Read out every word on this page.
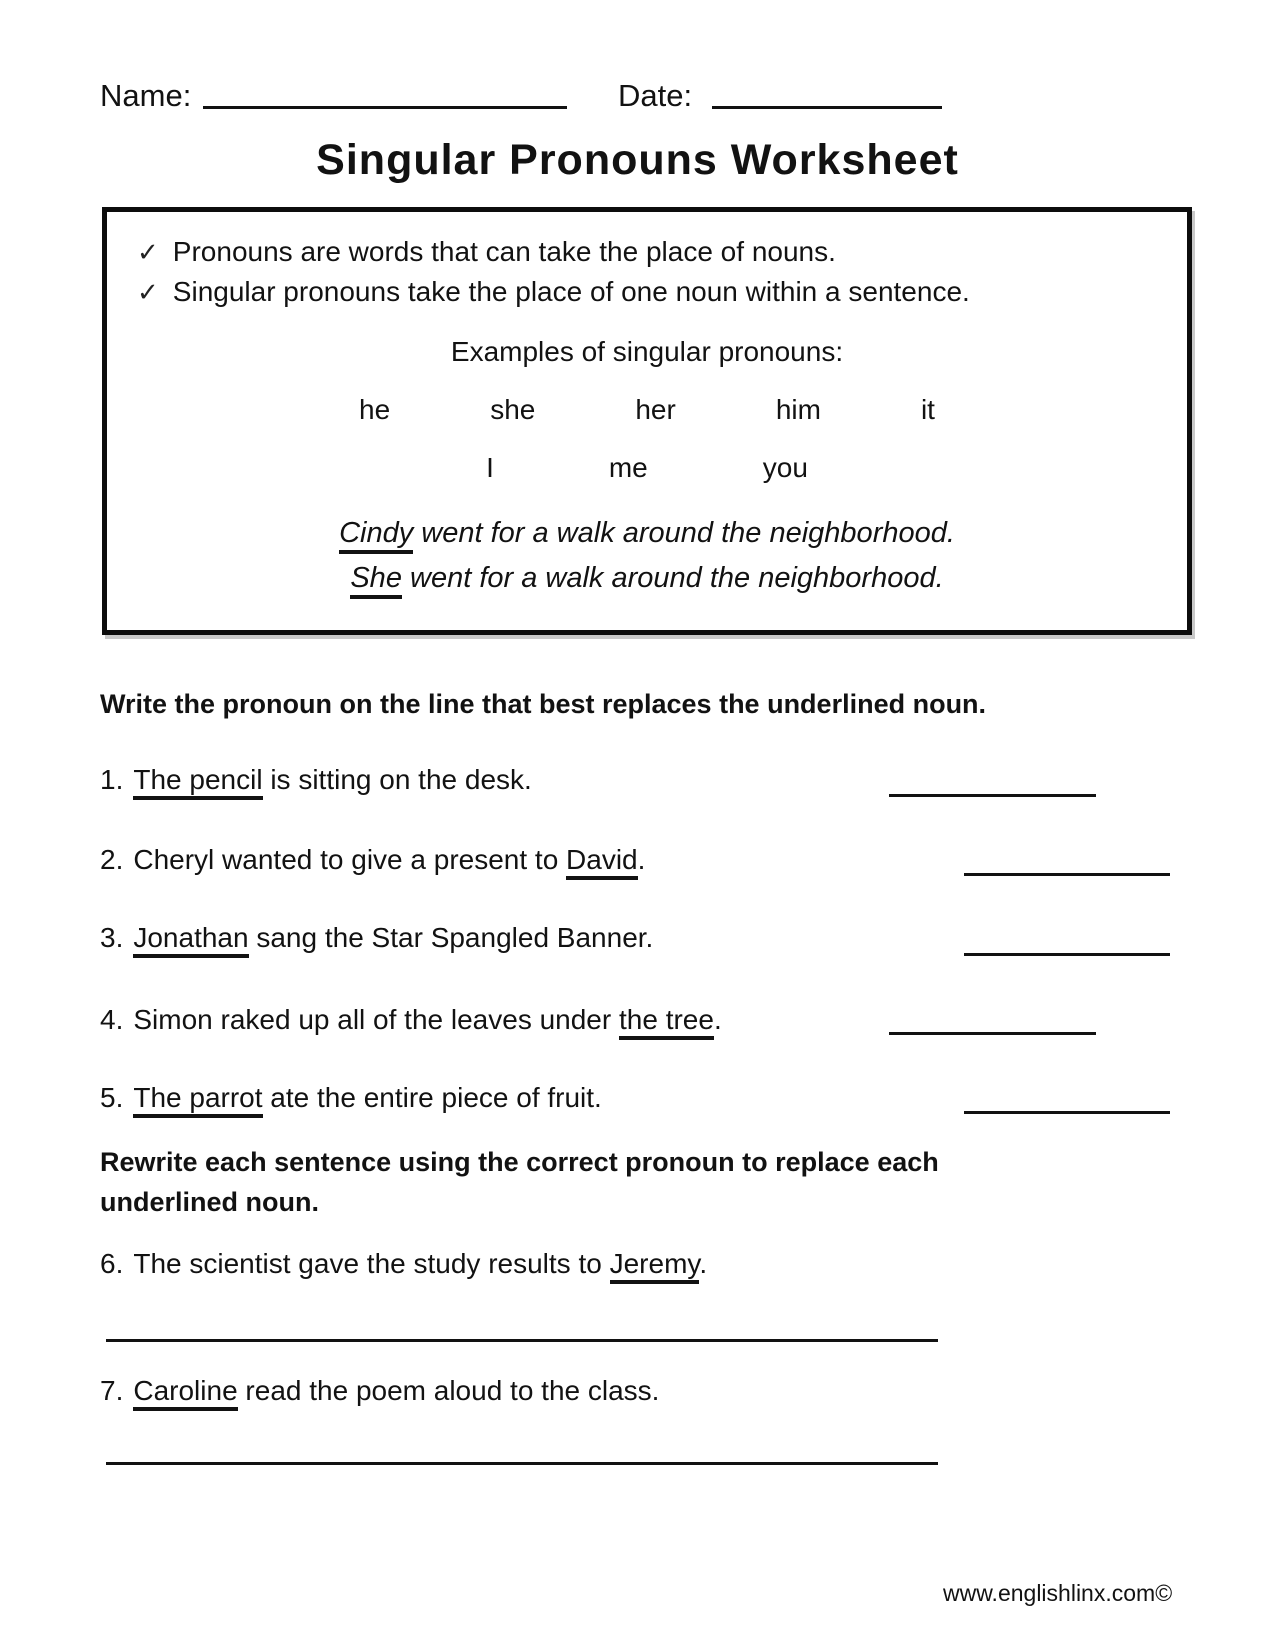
Name:	Date:
Singular Pronouns Worksheet
✓ Pronouns are words that can take the place of nouns.
✓ Singular pronouns take the place of one noun within a sentence.
Examples of singular pronouns:
he	she	her	him	it
I	me	you
Cindy went for a walk around the neighborhood.
She went for a walk around the neighborhood.
Write the pronoun on the line that best replaces the underlined noun.
1. The pencil is sitting on the desk.
2. Cheryl wanted to give a present to David.
3. Jonathan sang the Star Spangled Banner.
4. Simon raked up all of the leaves under the tree.
5. The parrot ate the entire piece of fruit.
Rewrite each sentence using the correct pronoun to replace each underlined noun.
6. The scientist gave the study results to Jeremy.
7. Caroline read the poem aloud to the class.
www.englishlinx.com©
